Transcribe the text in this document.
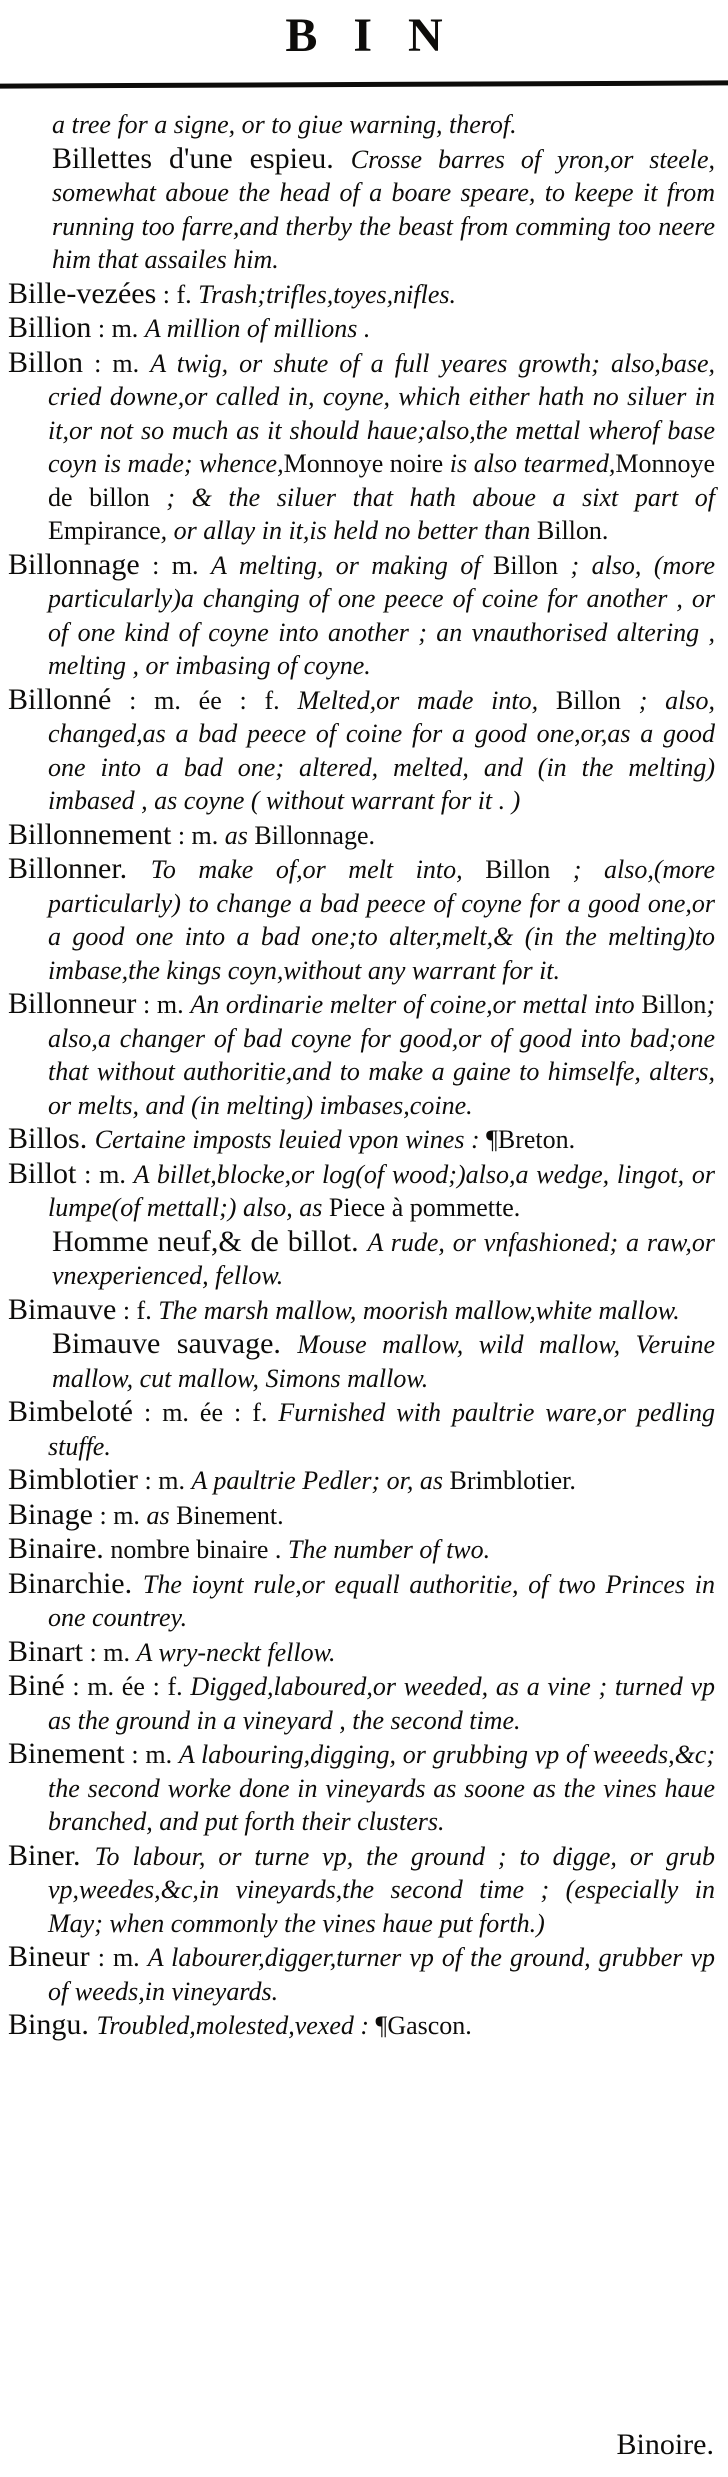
B I N

a tree for a signe, or to giue warning, therof.

Billettes d'une espieu. Crosse barres of yron,or steele, somewhat aboue the head of a boare speare, to keepe it from running too farre,and therby the beast from comming too neere him that assailes him.

Bille-vezées : f. Trash;trifles,toyes,nifles.

Billion : m. A million of millions .

Billon : m. A twig, or shute of a full yeares growth; also,base, cried downe,or called in, coyne, which either hath no siluer in it,or not so much as it should haue;also,the mettal wherof base coyn is made; whence,Monnoye noire is also tearmed,Monnoye de billon ; & the siluer that hath aboue a sixt part of Empirance, or allay in it,is held no better than Billon.

Billonnage : m. A melting, or making of Billon ; also, (more particularly)a changing of one peece of coine for another , or of one kind of coyne into another ; an vnauthorised altering , melting , or imbasing of coyne.

Billonné : m. ée : f. Melted,or made into, Billon ; also, changed,as a bad peece of coine for a good one,or,as a good one into a bad one; altered, melted, and (in the melting) imbased , as coyne ( without warrant for it . )

Billonnement : m. as Billonnage.

Billonner. To make of,or melt into, Billon ; also,(more particularly) to change a bad peece of coyne for a good one,or a good one into a bad one;to alter,melt,& (in the melting)to imbase,the kings coyn,without any warrant for it.

Billonneur : m. An ordinarie melter of coine,or mettal into Billon; also,a changer of bad coyne for good,or of good into bad;one that without authoritie,and to make a gaine to himselfe, alters, or melts, and (in melting) imbases,coine.

Billos. Certaine imposts leuied vpon wines : ¶Breton.

Billot : m. A billet,blocke,or log(of wood;)also,a wedge, lingot, or lumpe(of mettall;) also, as Piece à pommette.

Homme neuf,& de billot. A rude, or vnfashioned; a raw,or vnexperienced, fellow.

Bimauve : f. The marsh mallow, moorish mallow,white mallow.

Bimauve sauvage. Mouse mallow, wild mallow, Veruine mallow, cut mallow, Simons mallow.

Bimbeloté : m. ée : f. Furnished with paultrie ware,or pedling stuffe.

Bimblotier : m. A paultrie Pedler; or, as Brimblotier.

Binage : m. as Binement.

Binaire. nombre binaire . The number of two.

Binarchie. The ioynt rule,or equall authoritie, of two Princes in one countrey.

Binart : m. A wry-neckt fellow.

Biné : m. ée : f. Digged,laboured,or weeded, as a vine ; turned vp as the ground in a vineyard , the second time.

Binement : m. A labouring,digging, or grubbing vp of weeeds,&c; the second worke done in vineyards as soone as the vines haue branched, and put forth their clusters.

Biner. To labour, or turne vp, the ground ; to digge, or grub vp,weedes,&c,in vineyards,the second time ; (especially in May; when commonly the vines haue put forth.)

Bineur : m. A labourer,digger,turner vp of the ground, grubber vp of weeds,in vineyards.

Bingu. Troubled,molested,vexed : ¶Gascon.

Binoire.
